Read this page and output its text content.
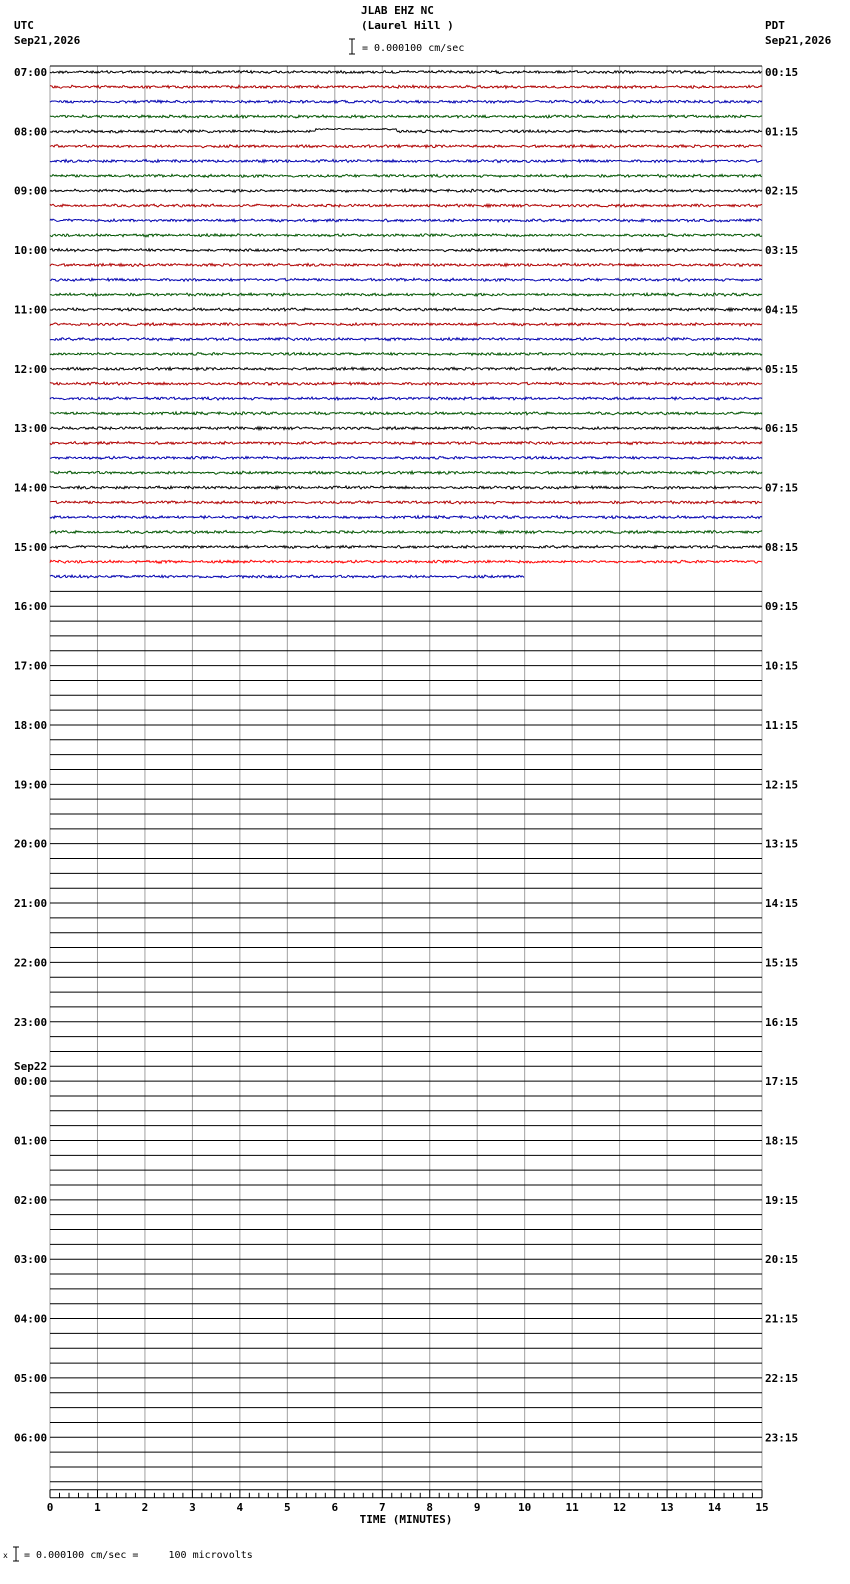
JLAB EHZ NC
(Laurel Hill )
UTC
Sep21,2026
PDT
Sep21,2026
= 0.000100 cm/sec
07:00	00:15
08:00	01:15
09:00	02:15
10:00	03:15
11:00	04:15
12:00	05:15
13:00	06:15
14:00	07:15
15:00	08:15
16:00	09:15
17:00	10:15
18:00	11:15
19:00	12:15
20:00	13:15
21:00	14:15
22:00	15:15
23:00	16:15
00:00	17:15
01:00	18:15
02:00	19:15
03:00	20:15
04:00	21:15
05:00	22:15
06:00	23:15
Sep22
0	1	2	3	4	5	6	7	8	9	10	11	12	13	14	15
TIME (MINUTES)
x = 0.000100 cm/sec =     100 microvolts
